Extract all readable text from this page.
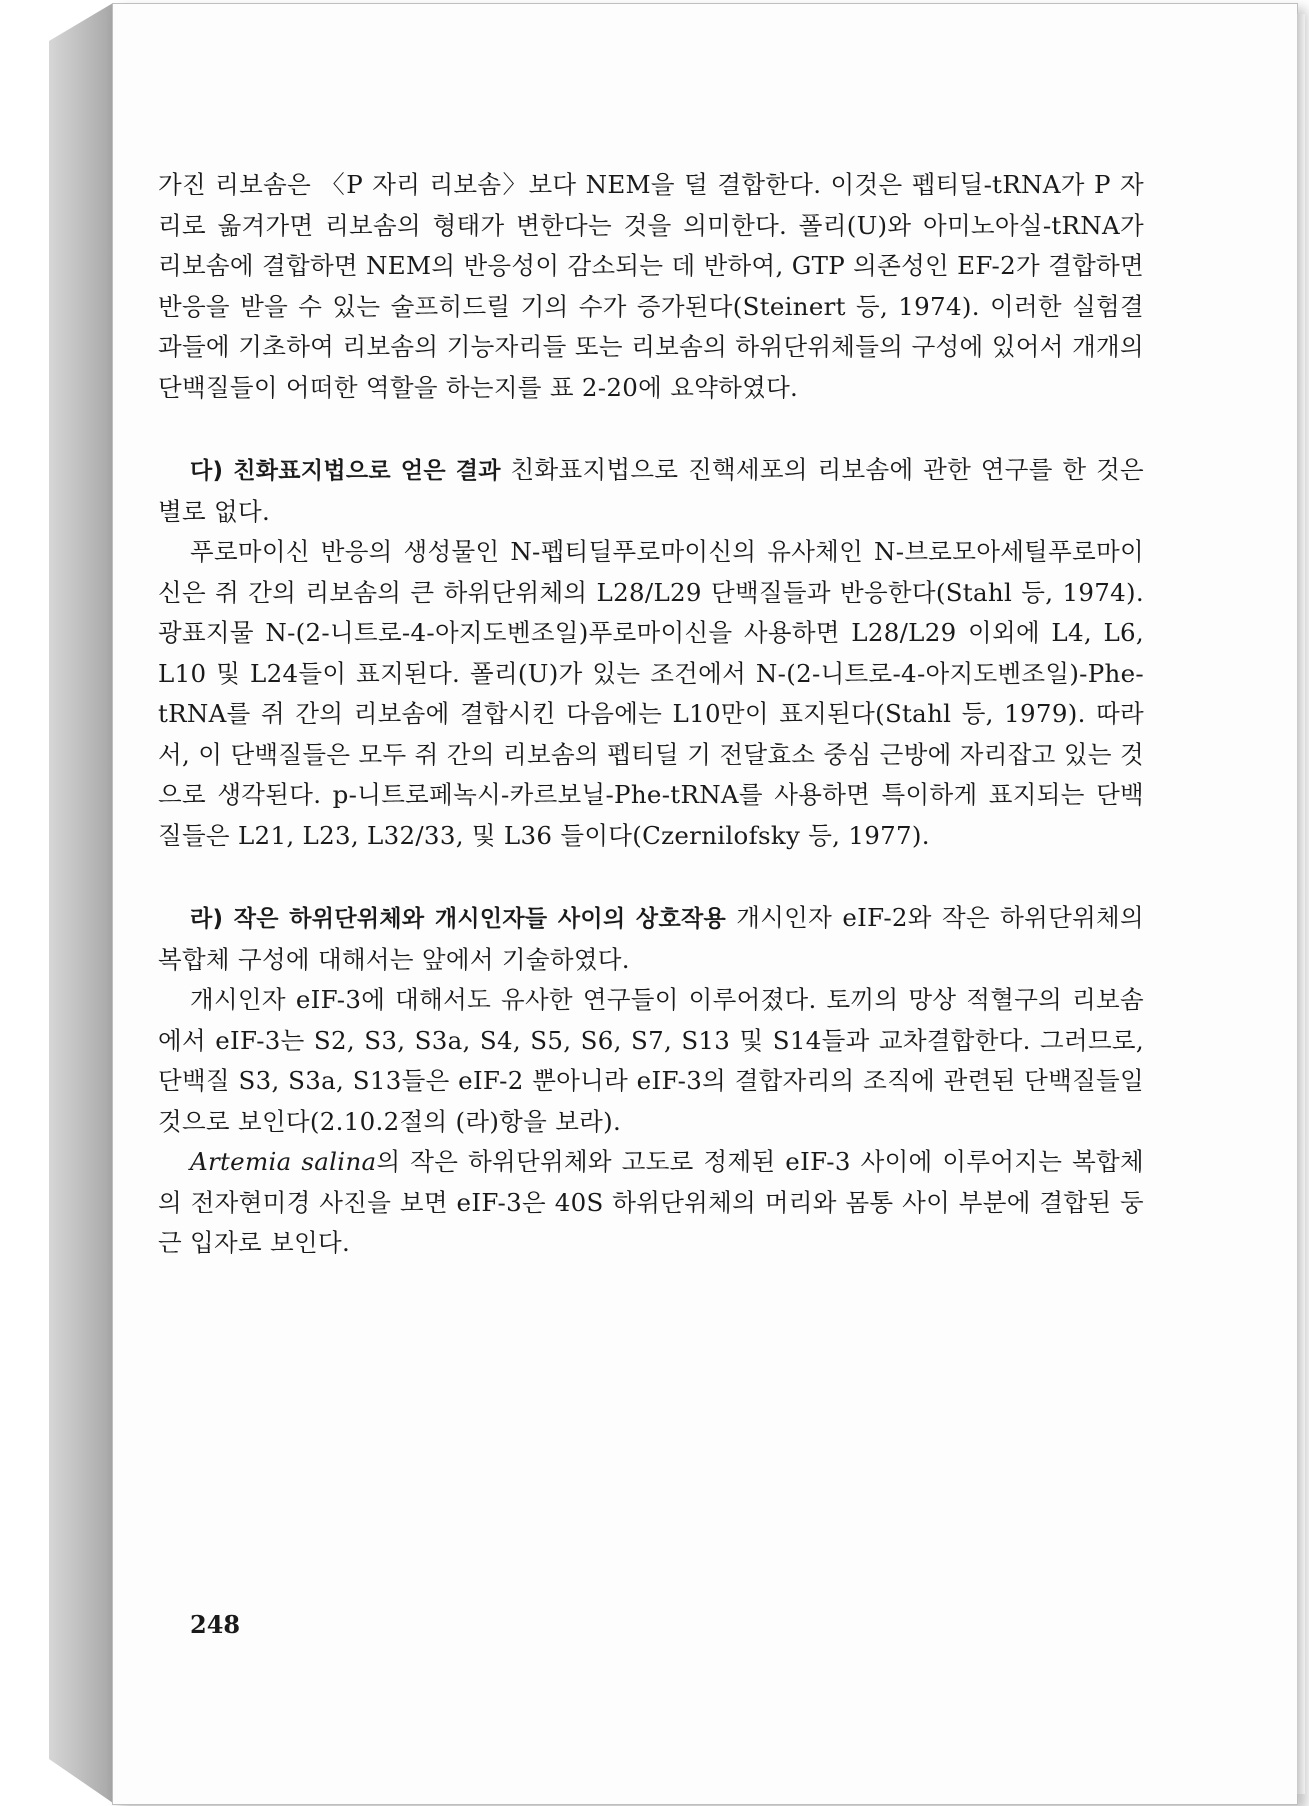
가진 리보솜은 〈P 자리 리보솜〉보다 NEM을 덜 결합한다. 이것은 펩티딜-tRNA가 P 자리로 옮겨가면 리보솜의 형태가 변한다는 것을 의미한다. 폴리(U)와 아미노아실-tRNA가 리보솜에 결합하면 NEM의 반응성이 감소되는 데 반하여, GTP 의존성인 EF-2가 결합하면 반응을 받을 수 있는 술프히드릴 기의 수가 증가된다(Steinert 등, 1974). 이러한 실험결과들에 기초하여 리보솜의 기능자리들 또는 리보솜의 하위단위체들의 구성에 있어서 개개의 단백질들이 어떠한 역할을 하는지를 표 2-20에 요약하였다.

다) 친화표지법으로 얻은 결과 친화표지법으로 진핵세포의 리보솜에 관한 연구를 한 것은 별로 없다.

푸로마이신 반응의 생성물인 N-펩티딜푸로마이신의 유사체인 N-브로모아세틸푸로마이신은 쥐 간의 리보솜의 큰 하위단위체의 L28/L29 단백질들과 반응한다(Stahl 등, 1974). 광표지물 N-(2-니트로-4-아지도벤조일)푸로마이신을 사용하면 L28/L29 이외에 L4, L6, L10 및 L24들이 표지된다. 폴리(U)가 있는 조건에서 N-(2-니트로-4-아지도벤조일)-Phe-tRNA를 쥐 간의 리보솜에 결합시킨 다음에는 L10만이 표지된다(Stahl 등, 1979). 따라서, 이 단백질들은 모두 쥐 간의 리보솜의 펩티딜 기 전달효소 중심 근방에 자리잡고 있는 것으로 생각된다. p-니트로페녹시-카르보닐-Phe-tRNA를 사용하면 특이하게 표지되는 단백질들은 L21, L23, L32/33, 및 L36 들이다(Czernilofsky 등, 1977).

라) 작은 하위단위체와 개시인자들 사이의 상호작용 개시인자 eIF-2와 작은 하위단위체의 복합체 구성에 대해서는 앞에서 기술하였다.

개시인자 eIF-3에 대해서도 유사한 연구들이 이루어졌다. 토끼의 망상 적혈구의 리보솜에서 eIF-3는 S2, S3, S3a, S4, S5, S6, S7, S13 및 S14들과 교차결합한다. 그러므로, 단백질 S3, S3a, S13들은 eIF-2 뿐아니라 eIF-3의 결합자리의 조직에 관련된 단백질들일 것으로 보인다(2.10.2절의 (라)항을 보라).

Artemia salina의 작은 하위단위체와 고도로 정제된 eIF-3 사이에 이루어지는 복합체의 전자현미경 사진을 보면 eIF-3은 40S 하위단위체의 머리와 몸통 사이 부분에 결합된 둥근 입자로 보인다.

248
